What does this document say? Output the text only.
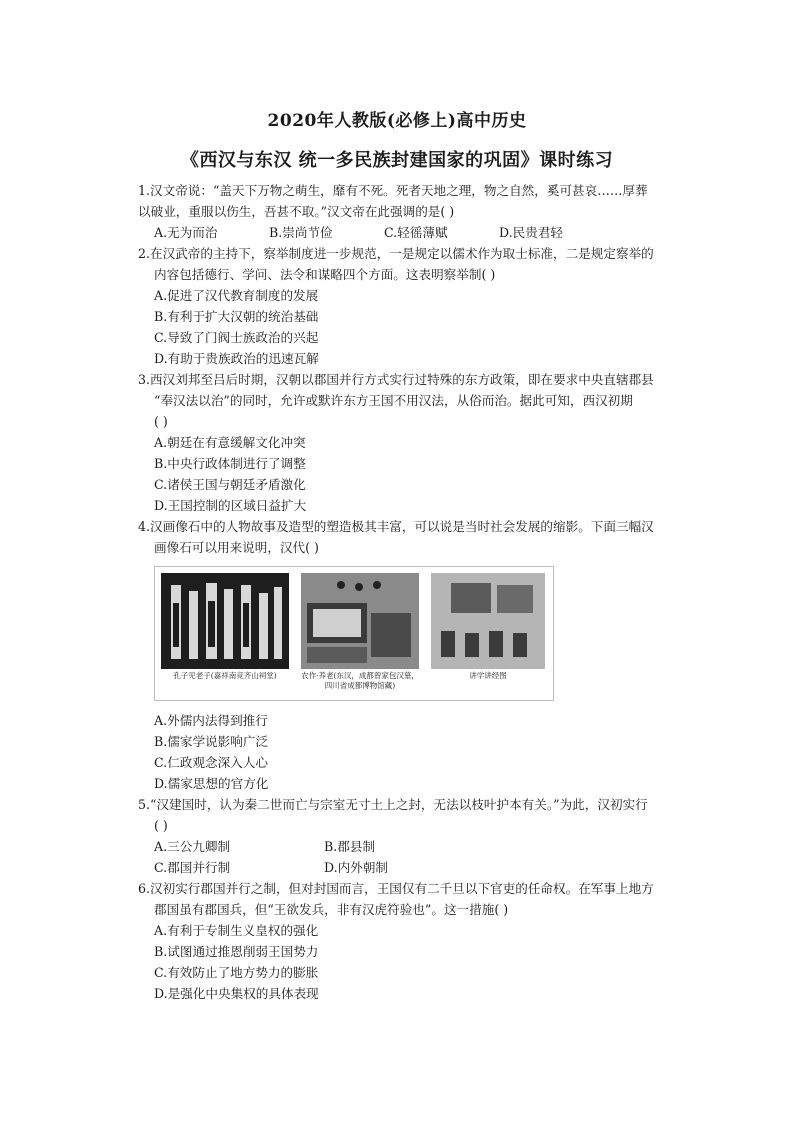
2020年人教版(必修上)高中历史
《西汉与东汉 统一多民族封建国家的巩固》课时练习
1.汉文帝说：“盖天下万物之萌生，靡有不死。死者天地之理，物之自然，奚可甚哀……厚葬
以破业，重服以伤生，吾甚不取。”汉文帝在此强调的是( )
A.无为而治	B.崇尚节俭	C.轻徭薄赋	D.民贵君轻
2.在汉武帝的主持下，察举制度进一步规范，一是规定以儒术作为取士标准，二是规定察举的
内容包括德行、学问、法令和谋略四个方面。这表明察举制( )
A.促进了汉代教育制度的发展
B.有利于扩大汉朝的统治基础
C.导致了门阀士族政治的兴起
D.有助于贵族政治的迅速瓦解
3.西汉刘邦至吕后时期，汉朝以郡国并行方式实行过特殊的东方政策，即在要求中央直辖郡县
“奉汉法以治”的同时，允许或默许东方王国不用汉法，从俗而治。据此可知，西汉初期
( )
A.朝廷在有意缓解文化冲突
B.中央行政体制进行了调整
C.诸侯王国与朝廷矛盾激化
D.王国控制的区域日益扩大
4.汉画像石中的人物故事及造型的塑造极其丰富，可以说是当时社会发展的缩影。下面三幅汉
画像石可以用来说明，汉代( )
孔子见老子(嘉祥南竞齐山祠堂)	农作·养老(东汉，成都曾家包汉墓，四川省成都博物馆藏)
讲学讲经图
A.外儒内法得到推行
B.儒家学说影响广泛
C.仁政观念深入人心
D.儒家思想的官方化
5.“汉建国时，认为秦二世而亡与宗室无寸土上之封，无法以枝叶护本有关。”为此，汉初实行
( )
A.三公九卿制	B.郡县制
C.郡国并行制	D.内外朝制
6.汉初实行郡国并行之制，但对封国而言，王国仅有二千旦以下官吏的任命权。在军事上地方
郡国虽有郡国兵，但“王欲发兵，非有汉虎符验也”。这一措施( )
A.有利于专制生义皇权的强化
B.试图通过推恩削弱王国势力
C.有效防止了地方势力的膨胀
D.是强化中央集权的具体表现
